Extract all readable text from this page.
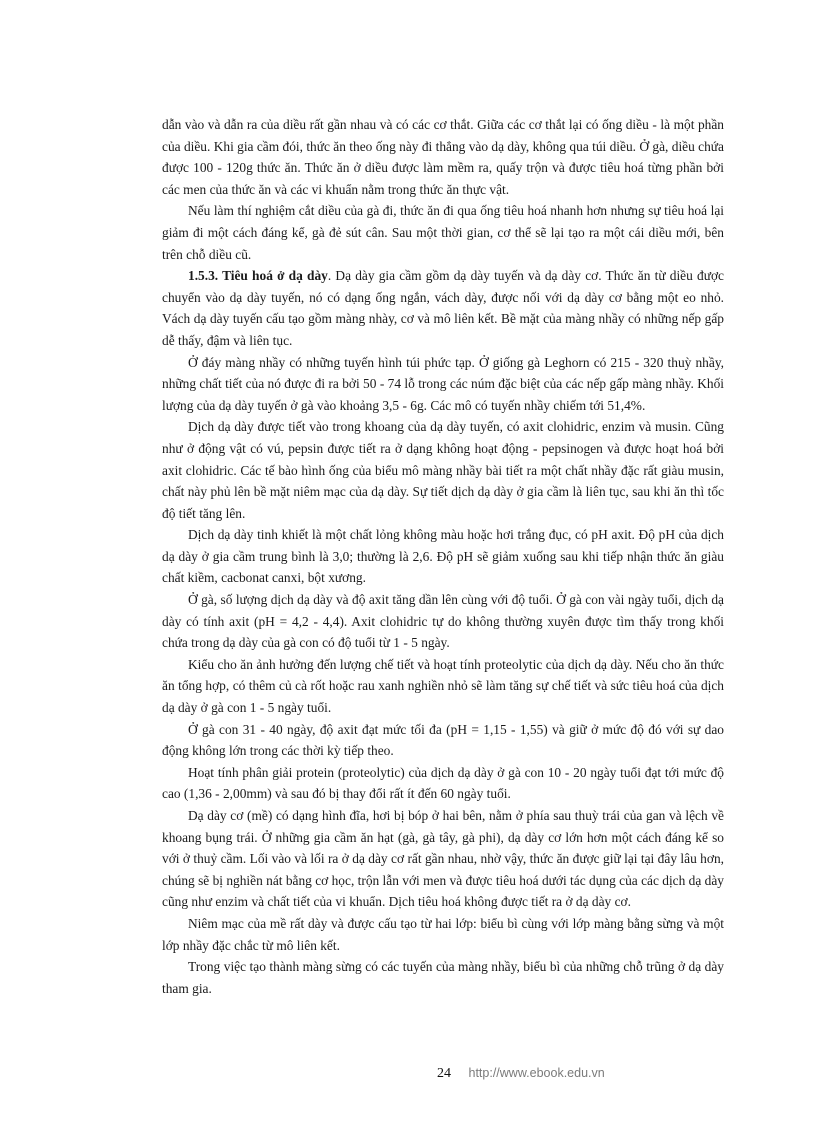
dẫn vào và dẫn ra của diều rất gần nhau và có các cơ thắt. Giữa các cơ thắt lại có ống diều - là một phần của diều. Khi gia cầm đói, thức ăn theo ống này đi thẳng vào dạ dày, không qua túi diều. Ở gà, diều chứa được 100 - 120g thức ăn. Thức ăn ở diều được làm mềm ra, quấy trộn và được tiêu hoá từng phần bởi các men của thức ăn và các vi khuẩn nằm trong thức ăn thực vật.

Nếu làm thí nghiệm cắt diều của gà đi, thức ăn đi qua ống tiêu hoá nhanh hơn nhưng sự tiêu hoá lại giảm đi một cách đáng kể, gà đẻ sút cân. Sau một thời gian, cơ thể sẽ lại tạo ra một cái diều mới, bên trên chỗ diều cũ.

1.5.3. Tiêu hoá ở dạ dày. Dạ dày gia cầm gồm dạ dày tuyến và dạ dày cơ. Thức ăn từ diều được chuyển vào dạ dày tuyến, nó có dạng ống ngắn, vách dày, được nối với dạ dày cơ bằng một eo nhỏ. Vách dạ dày tuyến cấu tạo gồm màng nhày, cơ và mô liên kết. Bề mặt của màng nhầy có những nếp gấp dễ thấy, đậm và liên tục.

Ở đáy màng nhầy có những tuyến hình túi phức tạp. Ở giống gà Leghorn có 215 - 320 thuỳ nhầy, những chất tiết của nó được đi ra bởi 50 - 74 lỗ trong các núm đặc biệt của các nếp gấp màng nhầy. Khối lượng của dạ dày tuyến ở gà vào khoảng 3,5 - 6g. Các mô có tuyến nhầy chiếm tới 51,4%.

Dịch dạ dày được tiết vào trong khoang của dạ dày tuyến, có axit clohidric, enzim và musin. Cũng như ở động vật có vú, pepsin được tiết ra ở dạng không hoạt động - pepsinogen và được hoạt hoá bởi axit clohidric. Các tế bào hình ống của biểu mô màng nhầy bài tiết ra một chất nhầy đặc rất giàu musin, chất này phủ lên bề mặt niêm mạc của dạ dày. Sự tiết dịch dạ dày ở gia cầm là liên tục, sau khi ăn thì tốc độ tiết tăng lên.

Dịch dạ dày tinh khiết là một chất lỏng không màu hoặc hơi trắng đục, có pH axit. Độ pH của dịch dạ dày ở gia cầm trung bình là 3,0; thường là 2,6. Độ pH sẽ giảm xuống sau khi tiếp nhận thức ăn giàu chất kiềm, cacbonat canxi, bột xương.

Ở gà, số lượng dịch dạ dày và độ axit tăng dần lên cùng với độ tuổi. Ở gà con vài ngày tuổi, dịch dạ dày có tính axit (pH = 4,2 - 4,4). Axit clohidric tự do không thường xuyên được tìm thấy trong khối chứa trong dạ dày của gà con có độ tuổi từ 1 - 5 ngày.

Kiểu cho ăn ảnh hưởng đến lượng chế tiết và hoạt tính proteolytic của dịch dạ dày. Nếu cho ăn thức ăn tổng hợp, có thêm củ cà rốt hoặc rau xanh nghiền nhỏ sẽ làm tăng sự chế tiết và sức tiêu hoá của dịch dạ dày ở gà con 1 - 5 ngày tuổi.

Ở gà con 31 - 40 ngày, độ axit đạt mức tối đa (pH = 1,15 - 1,55) và giữ ở mức độ đó với sự dao động không lớn trong các thời kỳ tiếp theo.

Hoạt tính phân giải protein (proteolytic) của dịch dạ dày ở gà con 10 - 20 ngày tuổi đạt tới mức độ cao (1,36 - 2,00mm) và sau đó bị thay đổi rất ít đến 60 ngày tuổi.

Dạ dày cơ (mề) có dạng hình đĩa, hơi bị bóp ở hai bên, nằm ở phía sau thuỳ trái của gan và lệch về khoang bụng trái. Ở những gia cầm ăn hạt (gà, gà tây, gà phi), dạ dày cơ lớn hơn một cách đáng kể so với ở thuỷ cầm. Lối vào và lối ra ở dạ dày cơ rất gần nhau, nhờ vậy, thức ăn được giữ lại tại đây lâu hơn, chúng sẽ bị nghiền nát bằng cơ học, trộn lẫn với men và được tiêu hoá dưới tác dụng của các dịch dạ dày cũng như enzim và chất tiết của vi khuẩn. Dịch tiêu hoá không được tiết ra ở dạ dày cơ.

Niêm mạc của mề rất dày và được cấu tạo từ hai lớp: biểu bì cùng với lớp màng bằng sừng và một lớp nhầy đặc chắc từ mô liên kết.

Trong việc tạo thành màng sừng có các tuyến của màng nhầy, biểu bì của những chỗ trũng ở dạ dày tham gia.

24 http://www.ebook.edu.vn
